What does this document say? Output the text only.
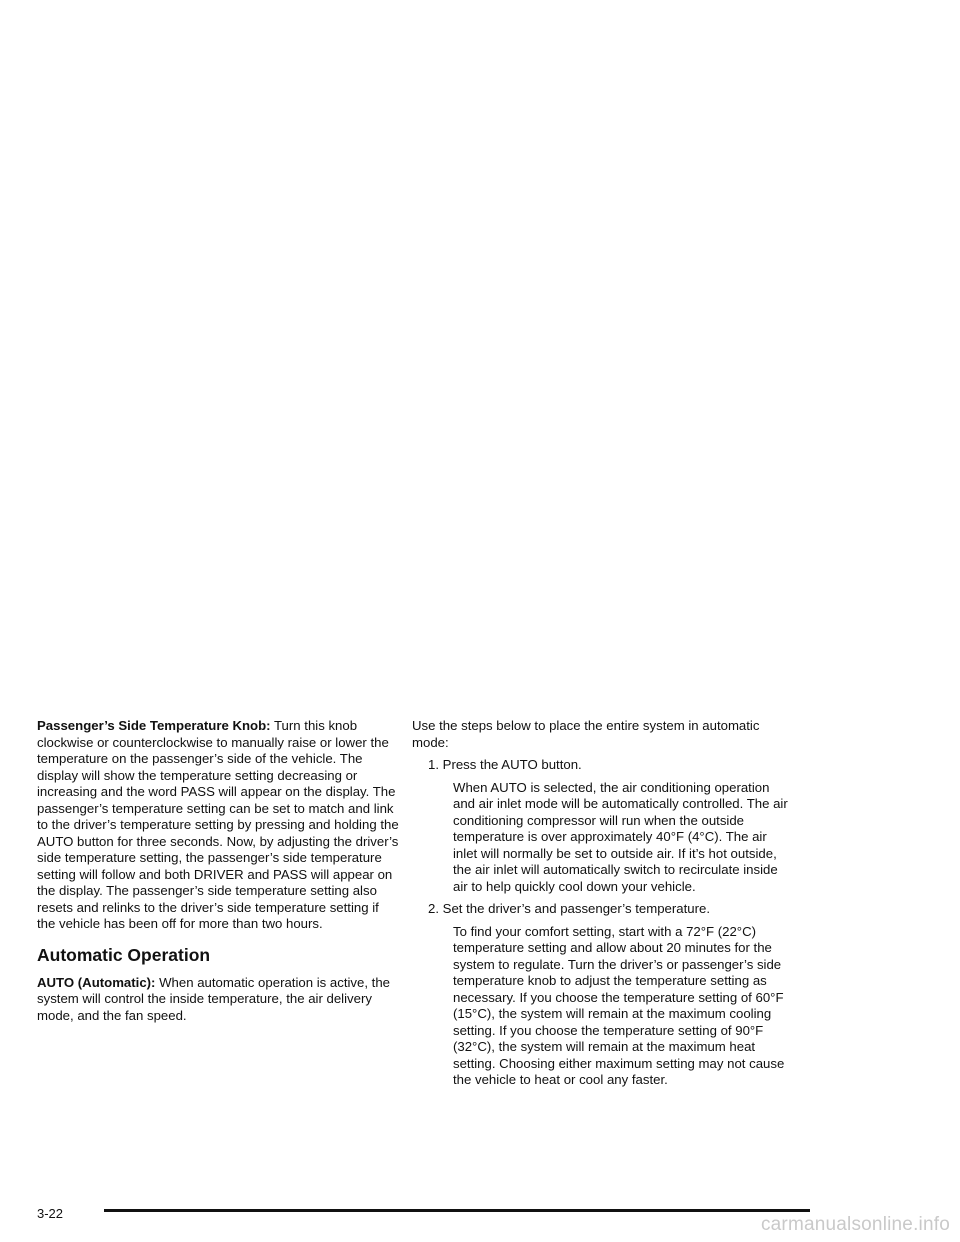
Passenger’s Side Temperature Knob: Turn this knob clockwise or counterclockwise to manually raise or lower the temperature on the passenger’s side of the vehicle. The display will show the temperature setting decreasing or increasing and the word PASS will appear on the display. The passenger’s temperature setting can be set to match and link to the driver’s temperature setting by pressing and holding the AUTO button for three seconds. Now, by adjusting the driver’s side temperature setting, the passenger’s side temperature setting will follow and both DRIVER and PASS will appear on the display. The passenger’s side temperature setting also resets and relinks to the driver’s side temperature setting if the vehicle has been off for more than two hours.

Automatic Operation

AUTO (Automatic): When automatic operation is active, the system will control the inside temperature, the air delivery mode, and the fan speed.

Use the steps below to place the entire system in automatic mode:

1. Press the AUTO button.
When AUTO is selected, the air conditioning operation and air inlet mode will be automatically controlled. The air conditioning compressor will run when the outside temperature is over approximately 40°F (4°C). The air inlet will normally be set to outside air. If it’s hot outside, the air inlet will automatically switch to recirculate inside air to help quickly cool down your vehicle.
2. Set the driver’s and passenger’s temperature.
To find your comfort setting, start with a 72°F (22°C) temperature setting and allow about 20 minutes for the system to regulate. Turn the driver’s or passenger’s side temperature knob to adjust the temperature setting as necessary. If you choose the temperature setting of 60°F (15°C), the system will remain at the maximum cooling setting. If you choose the temperature setting of 90°F (32°C), the system will remain at the maximum heat setting. Choosing either maximum setting may not cause the vehicle to heat or cool any faster.
3-22
carmanualsonline.info
